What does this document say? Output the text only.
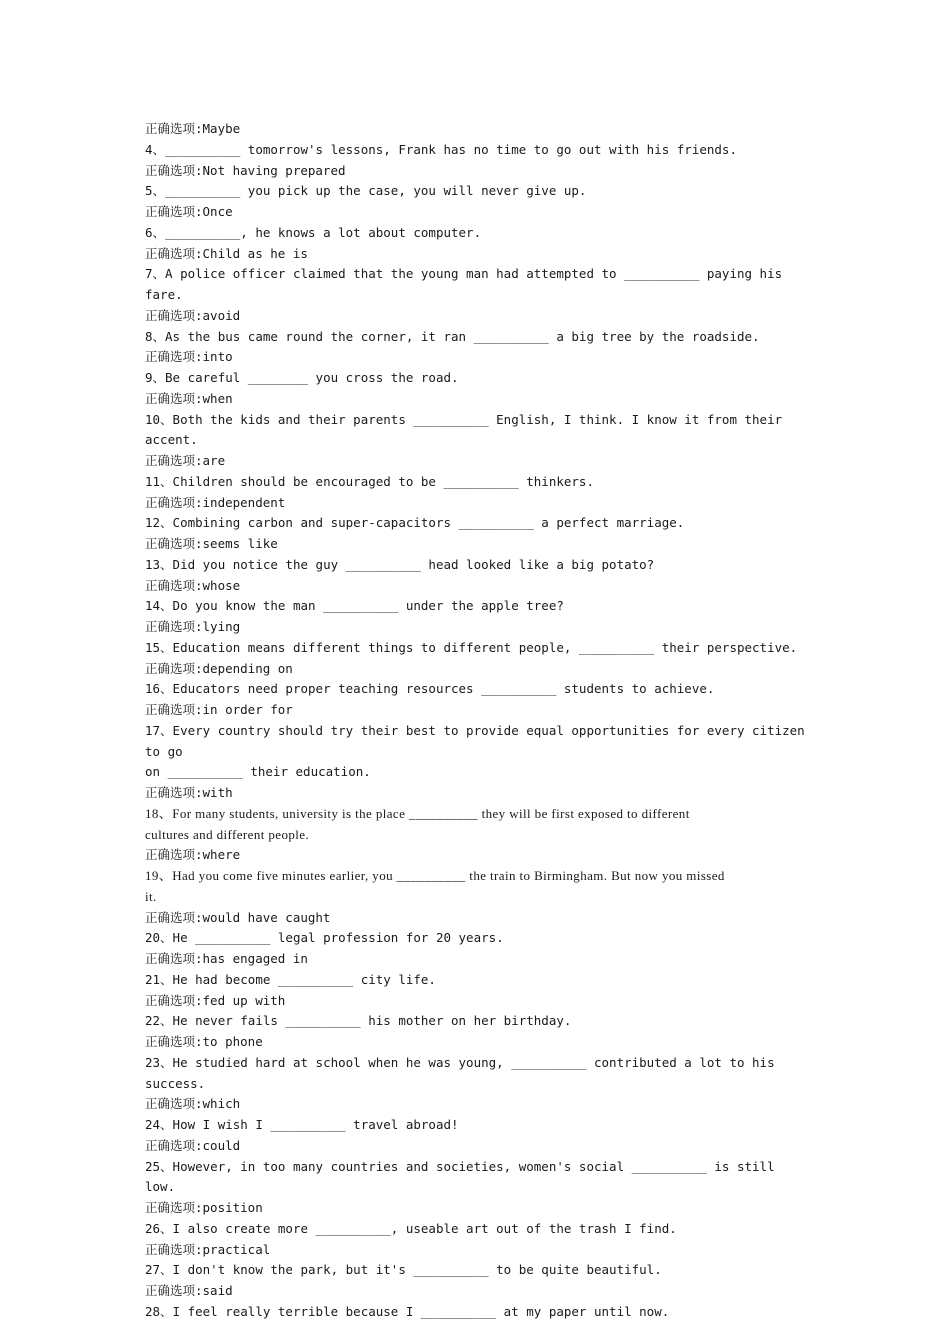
正确选项:Maybe
4、__________ tomorrow's lessons, Frank has no time to go out with his friends.
正确选项:Not having prepared
5、__________ you pick up the case, you will never give up.
正确选项:Once
6、__________, he knows a lot about computer.
正确选项:Child as he is
7、A police officer claimed that the young man had attempted to __________ paying his fare.
正确选项:avoid
8、As the bus came round the corner, it ran __________ a big tree by the roadside.
正确选项:into
9、Be careful ________ you cross the road.
正确选项:when
10、Both the kids and their parents __________ English, I think. I know it from their accent.
正确选项:are
11、Children should be encouraged to be __________ thinkers.
正确选项:independent
12、Combining carbon and super-capacitors __________ a perfect marriage.
正确选项:seems like
13、Did you notice the guy __________ head looked like a big potato?
正确选项:whose
14、Do you know the man __________ under the apple tree?
正确选项:lying
15、Education means different things to different people, __________ their perspective.
正确选项:depending on
16、Educators need proper teaching resources __________ students to achieve.
正确选项:in order for
17、Every country should try their best to provide equal opportunities for every citizen to go
on __________ their education.
正确选项:with
18、For many students, university is the place __________ they will be first exposed to different
cultures and different people.
正确选项:where
19、Had you come five minutes earlier, you __________ the train to Birmingham. But now you missed
it.
正确选项:would have caught
20、He __________ legal profession for 20 years.
正确选项:has engaged in
21、He had become __________ city life.
正确选项:fed up with
22、He never fails __________ his mother on her birthday.
正确选项:to phone
23、He studied hard at school when he was young, __________ contributed a lot to his success.
正确选项:which
24、How I wish I __________ travel abroad!
正确选项:could
25、However, in too many countries and societies, women's social __________ is still low.
正确选项:position
26、I also create more __________, useable art out of the trash I find.
正确选项:practical
27、I don't know the park, but it's __________ to be quite beautiful.
正确选项:said
28、I feel really terrible because I __________ at my paper until now.
